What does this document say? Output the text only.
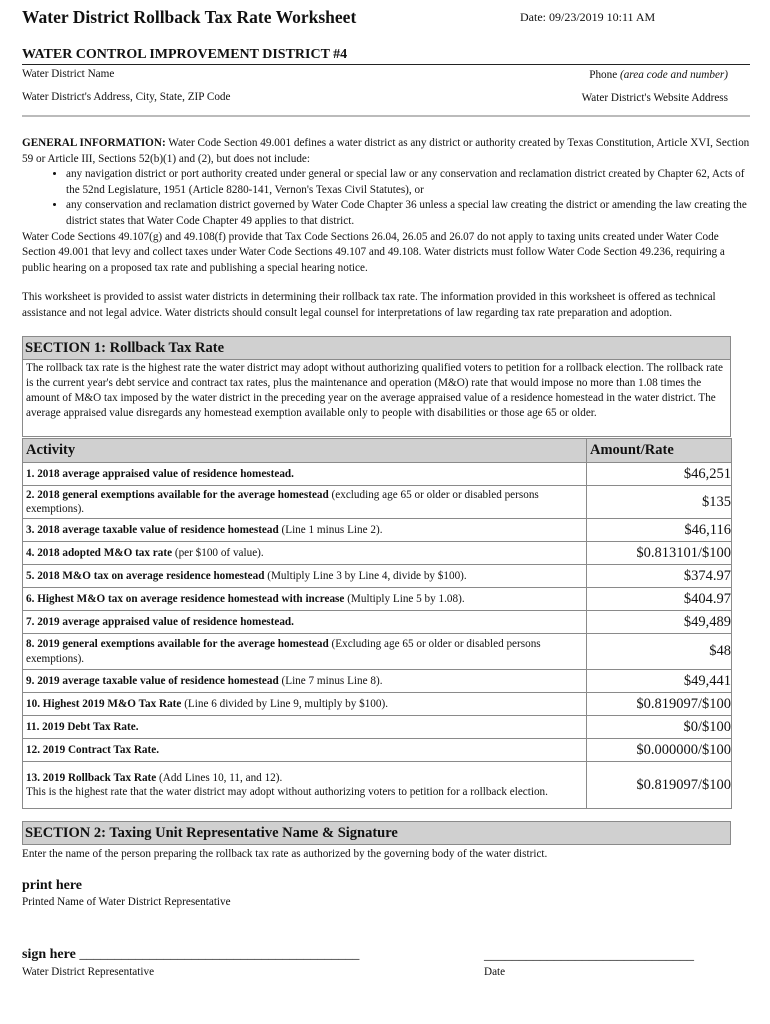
Water District Rollback Tax Rate Worksheet	Date: 09/23/2019 10:11 AM
WATER CONTROL IMPROVEMENT DISTRICT #4
Water District Name	Phone (area code and number)
Water District's Address, City, State, ZIP Code	Water District's Website Address

GENERAL INFORMATION: Water Code Section 49.001 defines a water district as any district or authority created by Texas Constitution, Article XVI, Section 59 or Article III, Sections 52(b)(1) and (2), but does not include:

• any navigation district or port authority created under general or special law or any conservation and reclamation district created by Chapter 62, Acts of the 52nd Legislature, 1951 (Article 8280-141, Vernon's Texas Civil Statutes), or
• any conservation and reclamation district governed by Water Code Chapter 36 unless a special law creating the district or amending the law creating the district states that Water Code Chapter 49 applies to that district.

Water Code Sections 49.107(g) and 49.108(f) provide that Tax Code Sections 26.04, 26.05 and 26.07 do not apply to taxing units created under Water Code Section 49.001 that levy and collect taxes under Water Code Sections 49.107 and 49.108. Water districts must follow Water Code Section 49.236, requiring a public hearing on a proposed tax rate and publishing a special hearing notice.

This worksheet is provided to assist water districts in determining their rollback tax rate. The information provided in this worksheet is offered as technical assistance and not legal advice. Water districts should consult legal counsel for interpretations of law regarding tax rate preparation and adoption.
SECTION 1: Rollback Tax Rate
The rollback tax rate is the highest rate the water district may adopt without authorizing qualified voters to petition for a rollback election. The rollback rate is the current year's debt service and contract tax rates, plus the maintenance and operation (M&O) rate that would impose no more than 1.08 times the amount of M&O tax imposed by the water district in the preceding year on the average appraised value of a residence homestead in the water district. The average appraised value disregards any homestead exemption available only to people with disabilities or those age 65 or older.
Activity	Amount/Rate
1. 2018 average appraised value of residence homestead.	$46,251
2. 2018 general exemptions available for the average homestead (excluding age 65 or older or disabled persons exemptions).	$135
3. 2018 average taxable value of residence homestead (Line 1 minus Line 2).	$46,116
4. 2018 adopted M&O tax rate (per $100 of value).	$0.813101/$100
5. 2018 M&O tax on average residence homestead (Multiply Line 3 by Line 4, divide by $100).	$374.97
6. Highest M&O tax on average residence homestead with increase (Multiply Line 5 by 1.08).	$404.97
7. 2019 average appraised value of residence homestead.	$49,489
8. 2019 general exemptions available for the average homestead (Excluding age 65 or older or disabled persons exemptions).	$48
9. 2019 average taxable value of residence homestead (Line 7 minus Line 8).	$49,441
10. Highest 2019 M&O Tax Rate (Line 6 divided by Line 9, multiply by $100).	$0.819097/$100
11. 2019 Debt Tax Rate.	$0/$100
12. 2019 Contract Tax Rate.	$0.000000/$100
13. 2019 Rollback Tax Rate (Add Lines 10, 11, and 12).
This is the highest rate that the water district may adopt without authorizing voters to petition for a rollback election.	$0.819097/$100
SECTION 2: Taxing Unit Representative Name & Signature
Enter the name of the person preparing the rollback tax rate as authorized by the governing body of the water district.
print here
Printed Name of Water District Representative
sign here ________________________________________
Water District Representative
______________________________
Date
